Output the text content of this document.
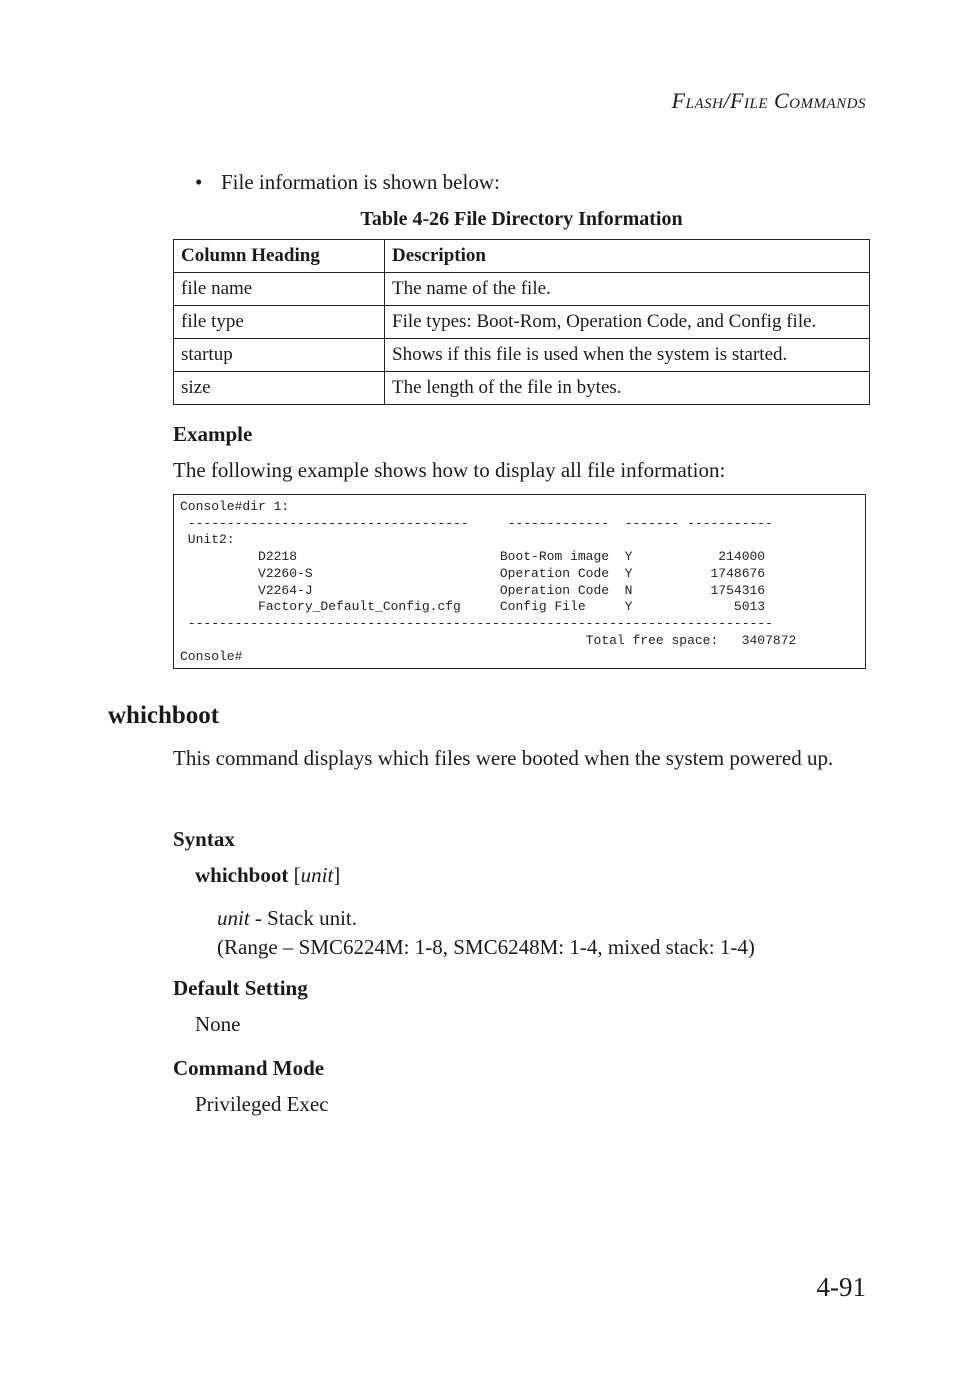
Flash/File Commands
• File information is shown below:
Table 4-26 File Directory Information
Column Heading	Description
file name	The name of the file.
file type	File types: Boot-Rom, Operation Code, and Config file.
startup	Shows if this file is used when the system is started.
size	The length of the file in bytes.
Example
The following example shows how to display all file information:
Console#dir 1:
------------------------------------     -------------  ------- -----------
Unit2:
D2218                          Boot-Rom image  Y           214000
V2260-S                        Operation Code  Y          1748676
V2264-J                        Operation Code  N          1754316
Factory_Default_Config.cfg     Config File     Y             5013
---------------------------------------------------------------------------
Total free space:   3407872
Console#
whichboot
This command displays which files were booted when the system powered up.
Syntax
whichboot [unit]
unit - Stack unit.
(Range – SMC6224M: 1-8, SMC6248M: 1-4, mixed stack: 1-4)
Default Setting
None
Command Mode
Privileged Exec
4-91
